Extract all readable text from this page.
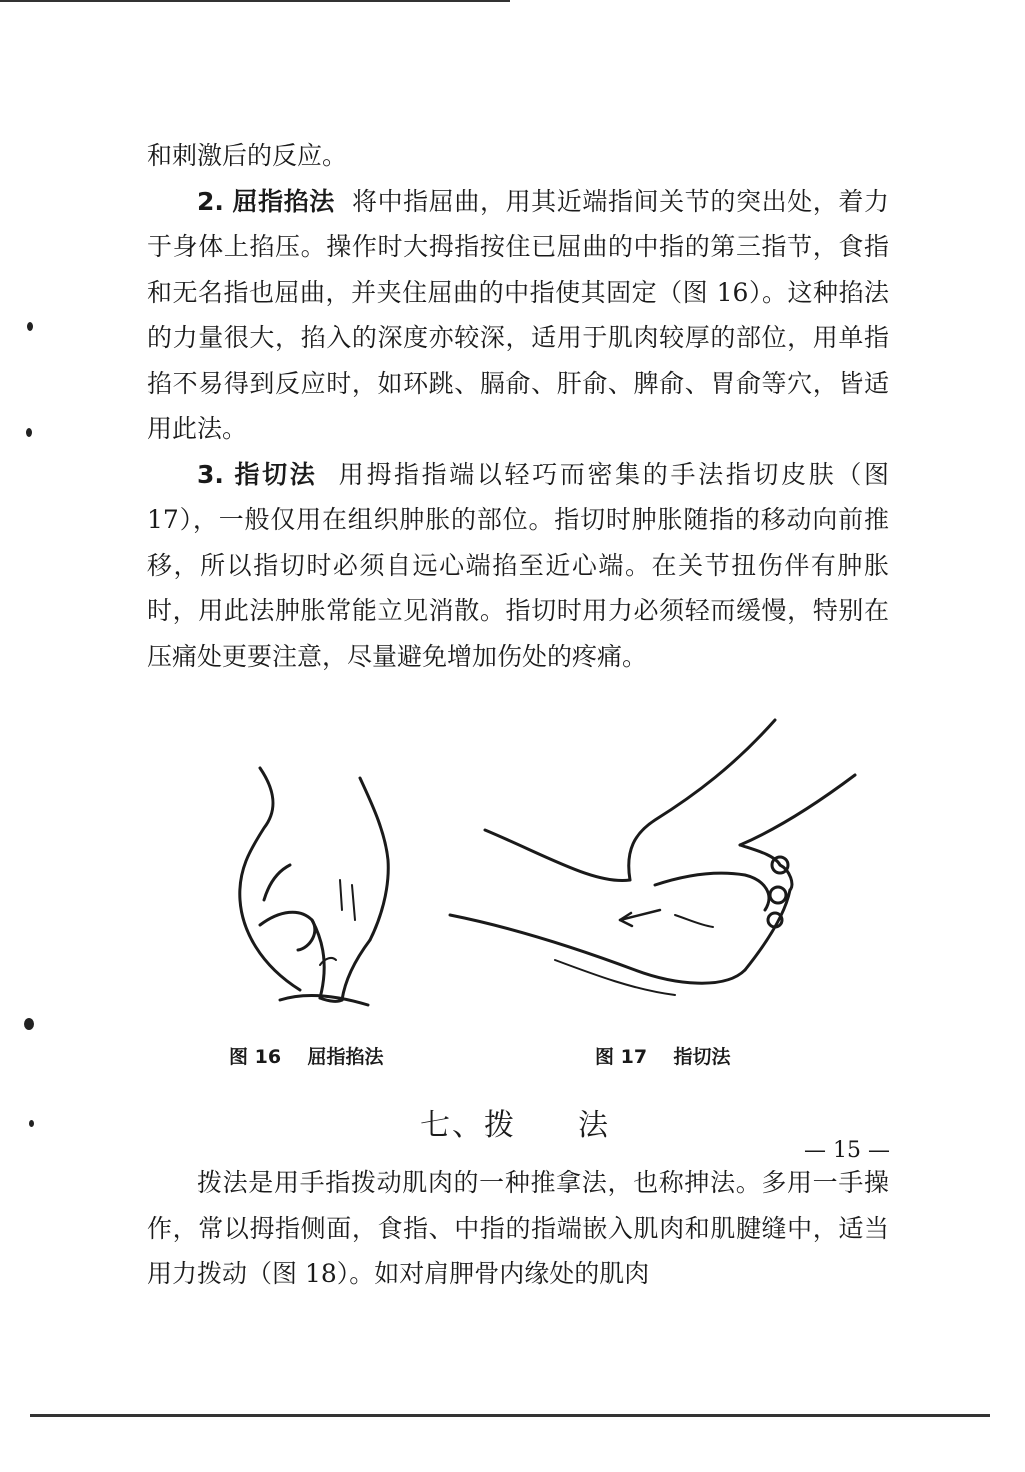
和刺激后的反应。

2. 屈指掐法 将中指屈曲，用其近端指间关节的突出处，着力于身体上掐压。操作时大拇指按住已屈曲的中指的第三指节，食指和无名指也屈曲，并夹住屈曲的中指使其固定（图 16）。这种掐法的力量很大，掐入的深度亦较深，适用于肌肉较厚的部位，用单指掐不易得到反应时，如环跳、膈俞、肝俞、脾俞、胃俞等穴，皆适用此法。

3. 指切法 用拇指指端以轻巧而密集的手法指切皮肤（图 17），一般仅用在组织肿胀的部位。指切时肿胀随指的移动向前推移，所以指切时必须自远心端掐至近心端。在关节扭伤伴有肿胀时，用此法肿胀常能立见消散。指切时用力必须轻而缓慢，特别在压痛处更要注意，尽量避免增加伤处的疼痛。

图 16 屈指掐法	图 17 指切法
七、拨 法

拨法是用手指拨动肌肉的一种推拿法，也称抻法。多用一手操作，常以拇指侧面，食指、中指的指端嵌入肌肉和肌腱缝中，适当用力拨动（图 18）。如对肩胛骨内缘处的肌肉

— 15 —
